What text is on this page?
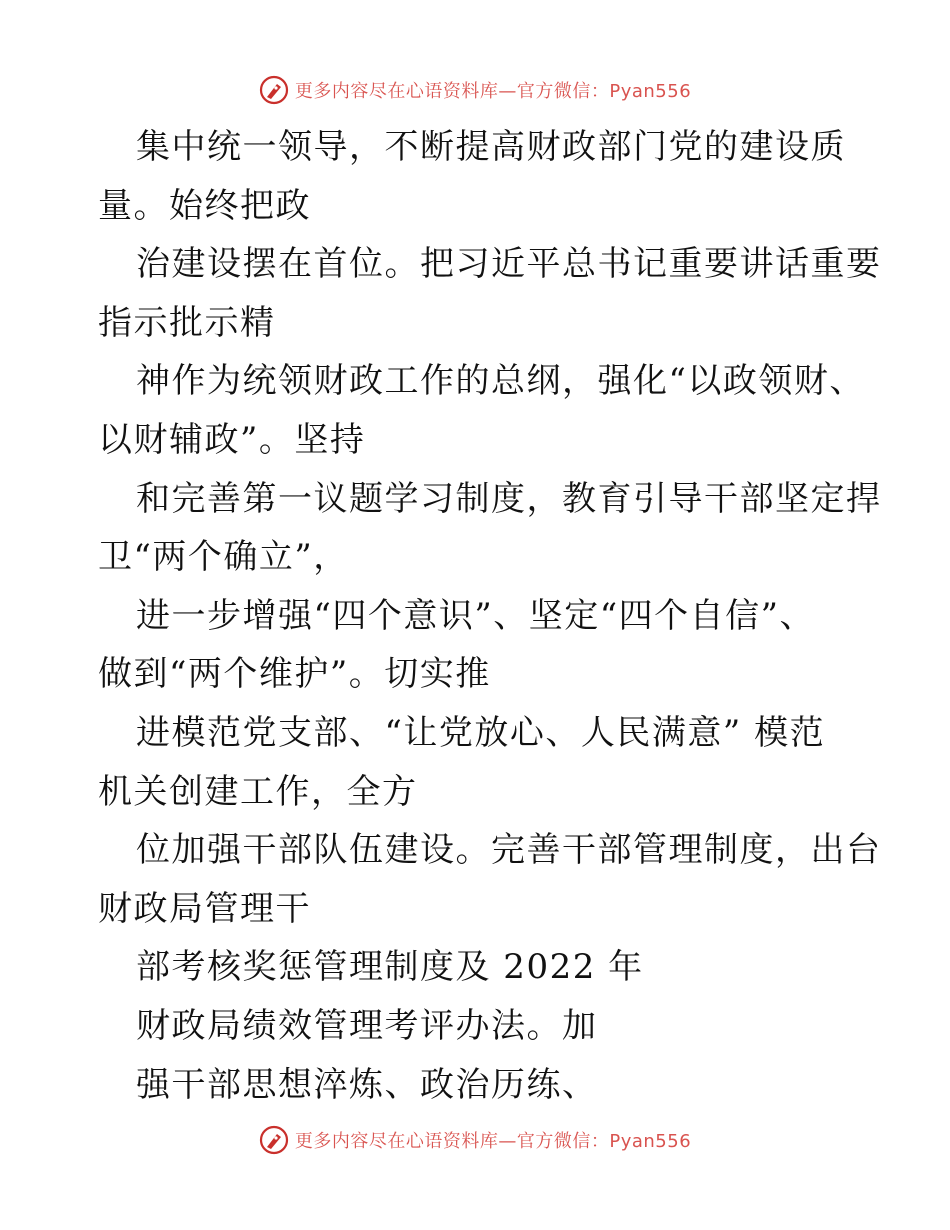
更多内容尽在心语资料库—官方微信：Pyan556
集中统一领导，不断提高财政部门党的建设质
量。始终把政
治建设摆在首位。把习近平总书记重要讲话重要
指示批示精
神作为统领财政工作的总纲，强化“以政领财、
以财辅政”。坚持
和完善第一议题学习制度，教育引导干部坚定捍
卫“两个确立”，
进一步增强“四个意识”、坚定“四个自信”、
做到“两个维护”。切实推
进模范党支部、“让党放心、人民满意” 模范
机关创建工作，全方
位加强干部队伍建设。完善干部管理制度，出台
财政局管理干
部考核奖惩管理制度及 2022 年
财政局绩效管理考评办法。加
强干部思想淬炼、政治历练、
更多内容尽在心语资料库—官方微信：Pyan556
